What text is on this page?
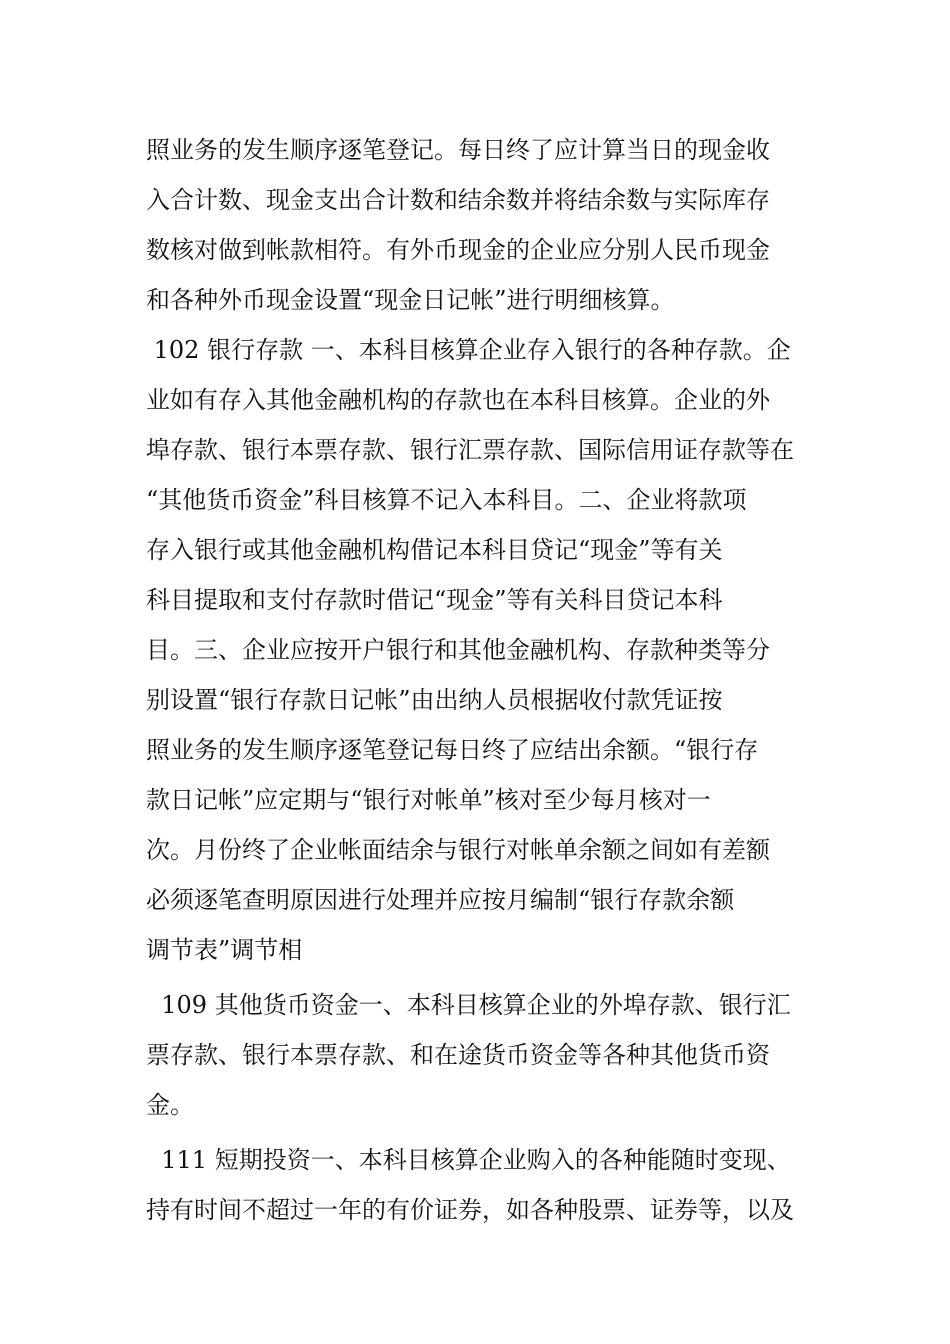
照业务的发生顺序逐笔登记。每日终了应计算当日的现金收
入合计数、现金支出合计数和结余数并将结余数与实际库存
数核对做到帐款相符。有外币现金的企业应分别人民币现金
和各种外币现金设置“现金日记帐”进行明细核算。
102 银行存款 一、本科目核算企业存入银行的各种存款。企
业如有存入其他金融机构的存款也在本科目核算。企业的外
埠存款、银行本票存款、银行汇票存款、国际信用证存款等在
“其他货币资金”科目核算不记入本科目。二、企业将款项
存入银行或其他金融机构借记本科目贷记“现金”等有关
科目提取和支付存款时借记“现金”等有关科目贷记本科
目。三、企业应按开户银行和其他金融机构、存款种类等分
别设置“银行存款日记帐”由出纳人员根据收付款凭证按
照业务的发生顺序逐笔登记每日终了应结出余额。“银行存
款日记帐”应定期与“银行对帐单”核对至少每月核对一
次。月份终了企业帐面结余与银行对帐单余额之间如有差额
必须逐笔查明原因进行处理并应按月编制“银行存款余额
调节表”调节相
109 其他货币资金一、本科目核算企业的外埠存款、银行汇
票存款、银行本票存款、和在途货币资金等各种其他货币资
金。
111 短期投资一、本科目核算企业购入的各种能随时变现、
持有时间不超过一年的有价证券，如各种股票、证券等，以及
